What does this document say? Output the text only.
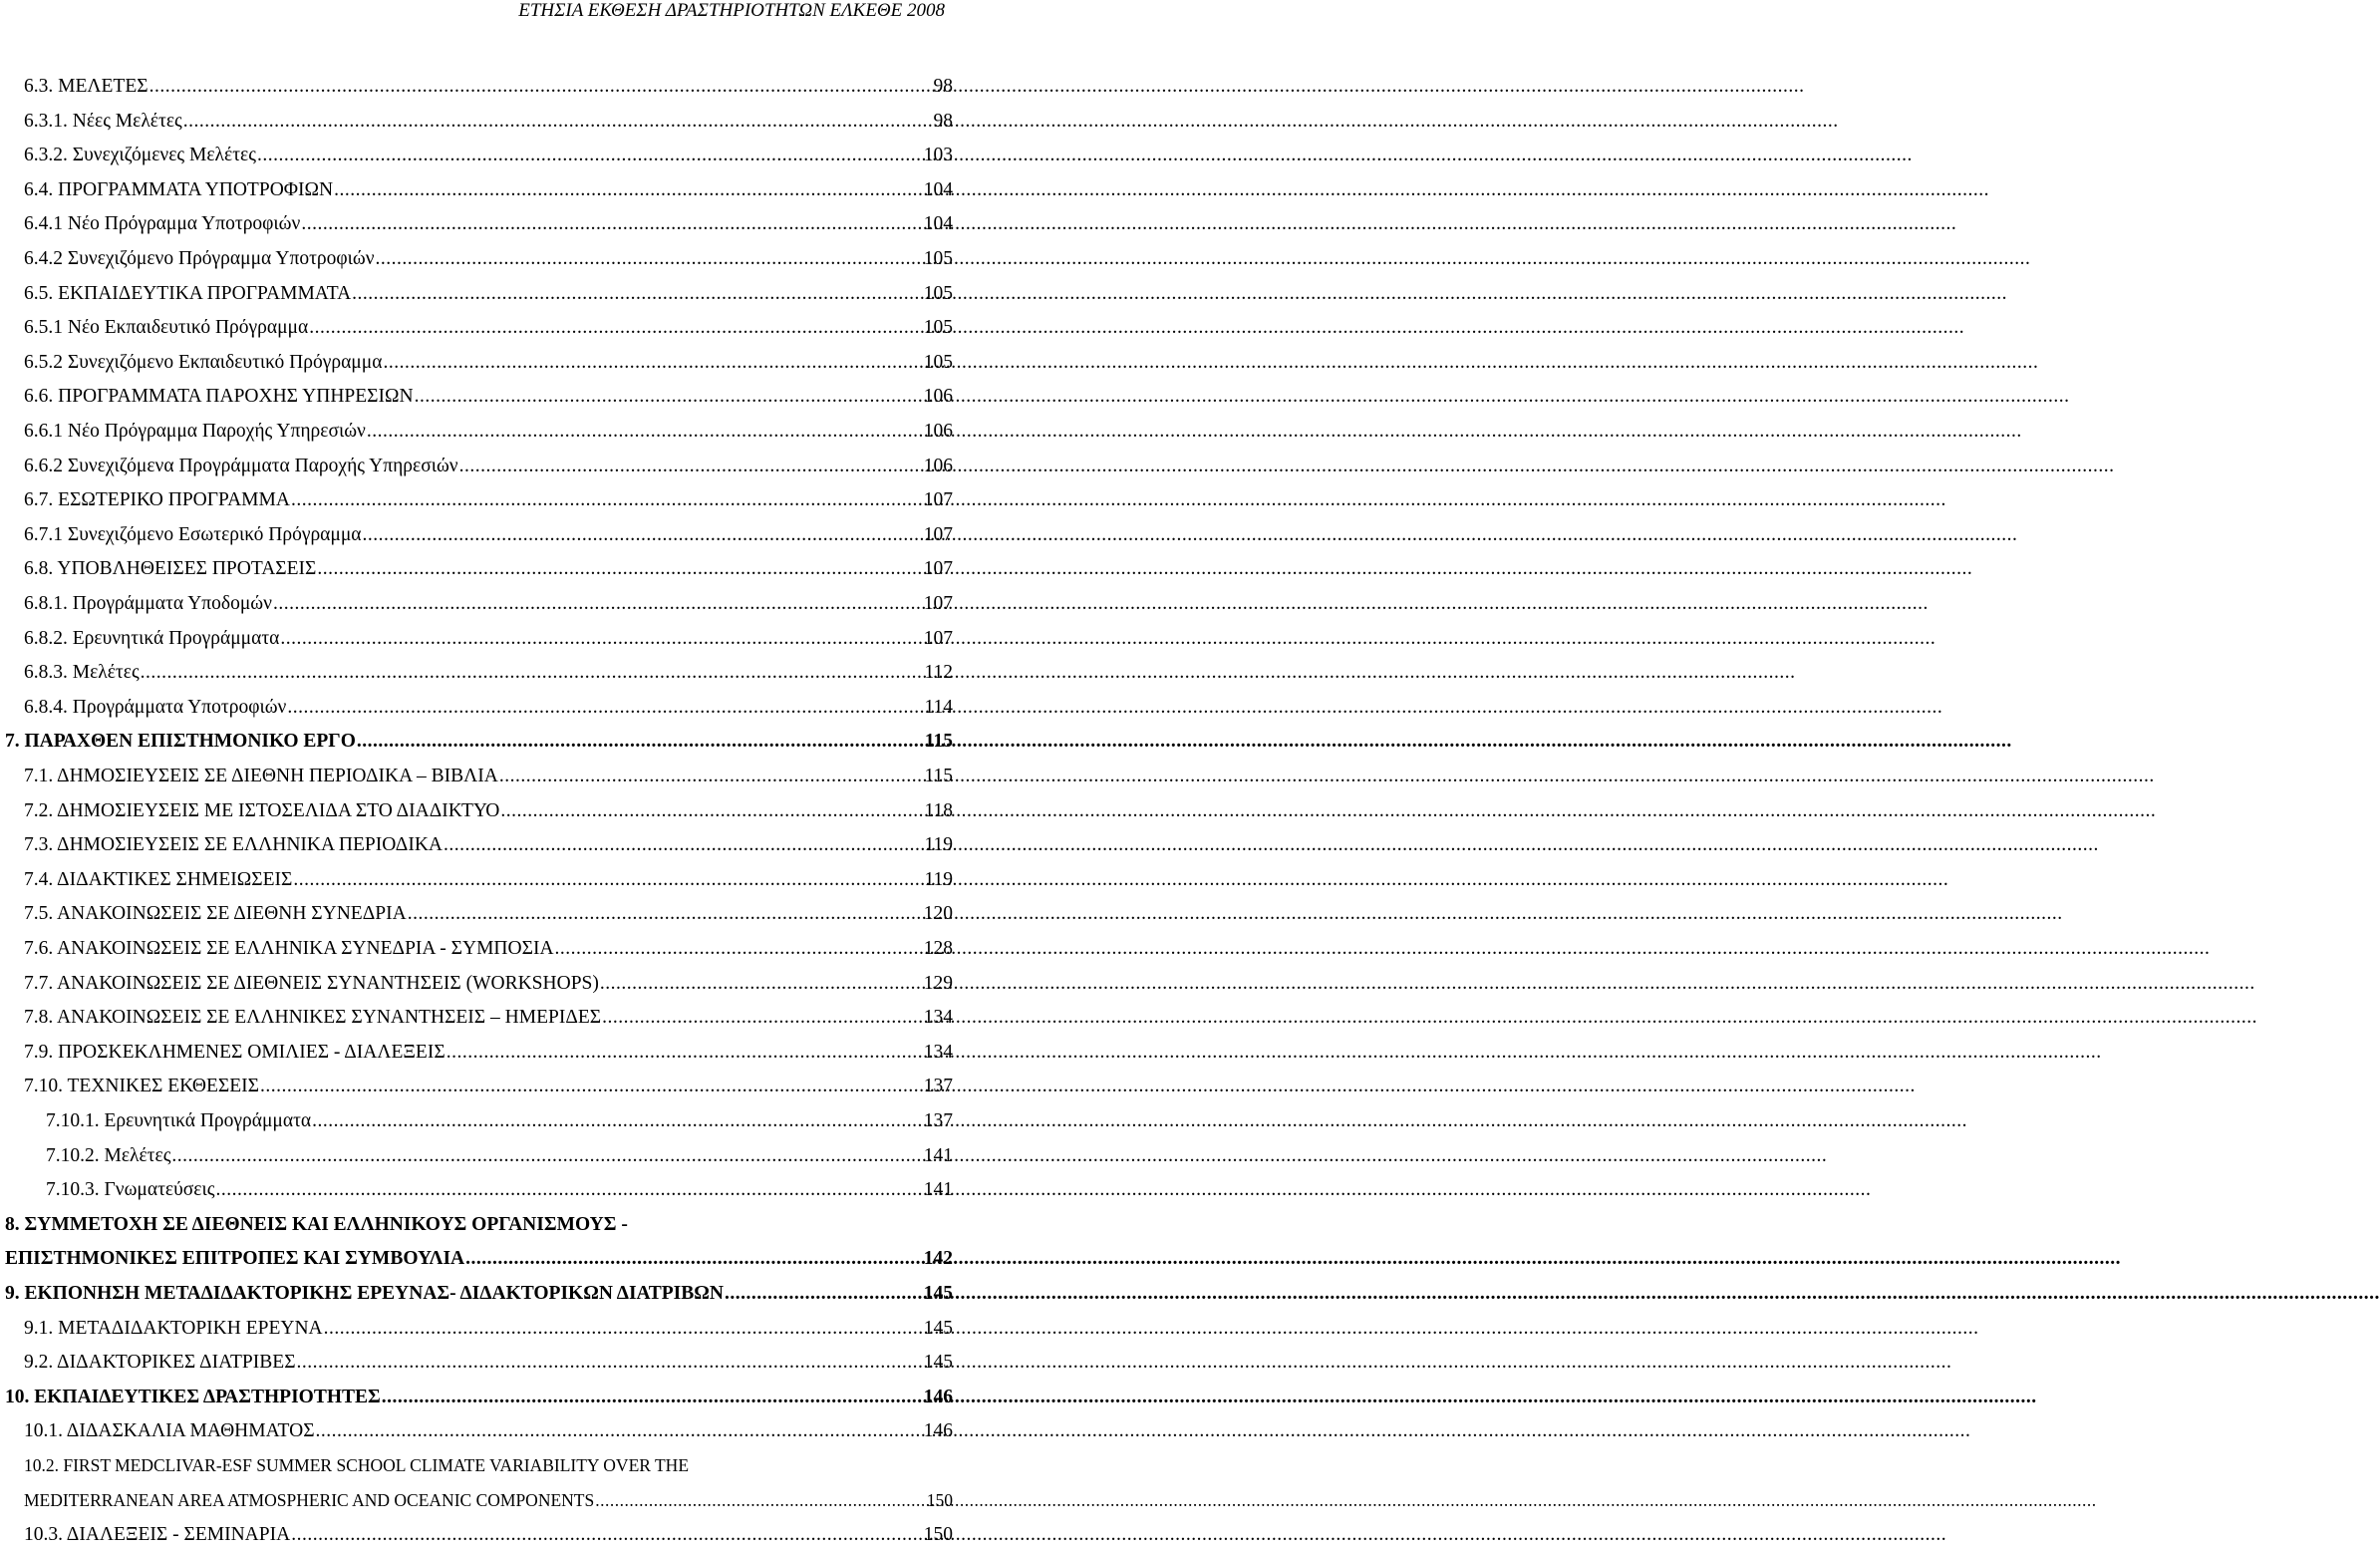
ΕΤΗΣΙΑ ΕΚΘΕΣΗ ΔΡΑΣΤΗΡΙΟΤΗΤΩΝ ΕΛΚΕΘΕ 2008
6.3. ΜΕΛΕΤΕΣ .....	98
6.3.1. Νέες Μελέτες .....	98
6.3.2. Συνεχιζόμενες Μελέτες .....	103
6.4. ΠΡΟΓΡΑΜΜΑΤΑ ΥΠΟΤΡΟΦΙΩΝ .....	104
6.4.1 Νέο Πρόγραμμα Υποτροφιών .....	104
6.4.2 Συνεχιζόμενο Πρόγραμμα Υποτροφιών .....	105
6.5. ΕΚΠΑΙΔΕΥΤΙΚΑ ΠΡΟΓΡΑΜΜΑΤΑ .....	105
6.5.1 Νέο Εκπαιδευτικό Πρόγραμμα .....	105
6.5.2 Συνεχιζόμενο Εκπαιδευτικό Πρόγραμμα .....	105
6.6. ΠΡΟΓΡΑΜΜΑΤΑ ΠΑΡΟΧΗΣ ΥΠΗΡΕΣΙΩΝ .....	106
6.6.1 Νέο Πρόγραμμα Παροχής Υπηρεσιών .....	106
6.6.2 Συνεχιζόμενα Προγράμματα Παροχής Υπηρεσιών .....	106
6.7. ΕΣΩΤΕΡΙΚΟ ΠΡΟΓΡΑΜΜΑ .....	107
6.7.1 Συνεχιζόμενο Εσωτερικό Πρόγραμμα .....	107
6.8. ΥΠΟΒΛΗΘΕΙΣΕΣ ΠΡΟΤΑΣΕΙΣ .....	107
6.8.1. Προγράμματα Υποδομών .....	107
6.8.2. Ερευνητικά Προγράμματα .....	107
6.8.3. Μελέτες .....	112
6.8.4. Προγράμματα Υποτροφιών .....	114
7. ΠΑΡΑΧΘΕΝ ΕΠΙΣΤΗΜΟΝΙΚΟ ΕΡΓΟ .....	115
7.1. ΔΗΜΟΣΙΕΥΣΕΙΣ ΣΕ ΔΙΕΘΝΗ ΠΕΡΙΟΔΙΚΑ – ΒΙΒΛΙΑ .....	115
7.2. ΔΗΜΟΣΙΕΥΣΕΙΣ ΜΕ ΙΣΤΟΣΕΛΙΔΑ ΣΤΟ ΔΙΑΔΙΚΤΥΟ .....	118
7.3. ΔΗΜΟΣΙΕΥΣΕΙΣ ΣΕ ΕΛΛΗΝΙΚΑ ΠΕΡΙΟΔΙΚΑ .....	119
7.4. ΔΙΔΑΚΤΙΚΕΣ ΣΗΜΕΙΩΣΕΙΣ .....	119
7.5. ΑΝΑΚΟΙΝΩΣΕΙΣ ΣΕ ΔΙΕΘΝΗ ΣΥΝΕΔΡΙΑ .....	120
7.6. ΑΝΑΚΟΙΝΩΣΕΙΣ ΣΕ ΕΛΛΗΝΙΚΑ ΣΥΝΕΔΡΙΑ - ΣΥΜΠΟΣΙΑ .....	128
7.7. ΑΝΑΚΟΙΝΩΣΕΙΣ ΣΕ ΔΙΕΘΝΕΙΣ ΣΥΝΑΝΤΗΣΕΙΣ (WORKSHOPS) .....	129
7.8. ΑΝΑΚΟΙΝΩΣΕΙΣ ΣΕ ΕΛΛΗΝΙΚΕΣ ΣΥΝΑΝΤΗΣΕΙΣ – ΗΜΕΡΙΔΕΣ .....	134
7.9. ΠΡΟΣΚΕΚΛΗΜΕΝΕΣ ΟΜΙΛΙΕΣ - ΔΙΑΛΕΞΕΙΣ .....	134
7.10. ΤΕΧΝΙΚΕΣ ΕΚΘΕΣΕΙΣ .....	137
7.10.1. Ερευνητικά Προγράμματα .....	137
7.10.2. Μελέτες .....	141
7.10.3. Γνωματεύσεις .....	141
8. ΣΥΜΜΕΤΟΧΗ ΣΕ ΔΙΕΘΝΕΙΣ ΚΑΙ ΕΛΛΗΝΙΚΟΥΣ ΟΡΓΑΝΙΣΜΟΥΣ -
ΕΠΙΣΤΗΜΟΝΙΚΕΣ ΕΠΙΤΡΟΠΕΣ ΚΑΙ ΣΥΜΒΟΥΛΙΑ .....	142
9. ΕΚΠΟΝΗΣΗ ΜΕΤΑΔΙΔΑΚΤΟΡΙΚΗΣ ΕΡΕΥΝΑΣ- ΔΙΔΑΚΤΟΡΙΚΩΝ ΔΙΑΤΡΙΒΩΝ .....	145
9.1. ΜΕΤΑΔΙΔΑΚΤΟΡΙΚΗ ΕΡΕΥΝΑ .....	145
9.2. ΔΙΔΑΚΤΟΡΙΚΕΣ ΔΙΑΤΡΙΒΕΣ .....	145
10. ΕΚΠΑΙΔΕΥΤΙΚΕΣ ΔΡΑΣΤΗΡΙΟΤΗΤΕΣ .....	146
10.1. ΔΙΔΑΣΚΑΛΙΑ ΜΑΘΗΜΑΤΟΣ .....	146
10.2. FIRST MEDCLIVAR-ESF SUMMER SCHOOL CLIMATE VARIABILITY OVER THE
MEDITERRANEAN AREA ATMOSPHERIC AND OCEANIC COMPONENTS .....	150
10.3. ΔΙΑΛΕΞΕΙΣ - ΣΕΜΙΝΑΡΙΑ .....	150
